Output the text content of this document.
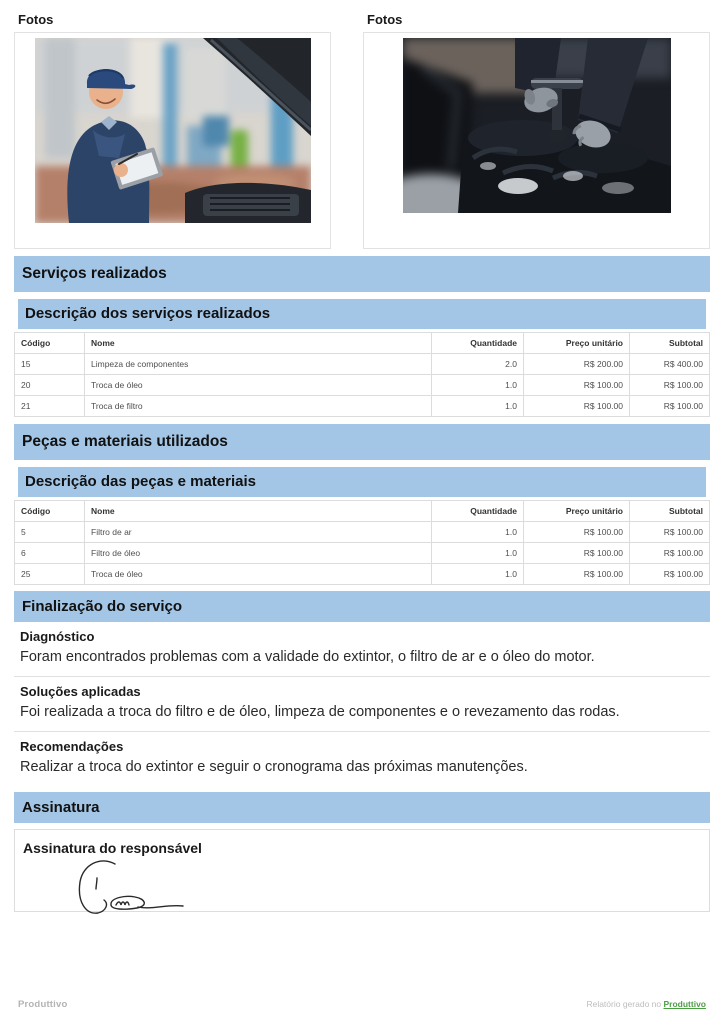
Fotos	Fotos
Serviços realizados
Descrição dos serviços realizados
Código	Nome	Quantidade	Preço unitário	Subtotal
15	Limpeza de componentes	2.0	R$ 200.00	R$ 400.00
20	Troca de óleo	1.0	R$ 100.00	R$ 100.00
21	Troca de filtro	1.0	R$ 100.00	R$ 100.00
Peças e materiais utilizados
Descrição das peças e materiais
Código	Nome	Quantidade	Preço unitário	Subtotal
5	Filtro de ar	1.0	R$ 100.00	R$ 100.00
6	Filtro de óleo	1.0	R$ 100.00	R$ 100.00
25	Troca de óleo	1.0	R$ 100.00	R$ 100.00
Finalização do serviço
Diagnóstico
Foram encontrados problemas com a validade do extintor, o filtro de ar e o óleo do motor.
Soluções aplicadas
Foi realizada a troca do filtro e de óleo, limpeza de componentes e o revezamento das rodas.
Recomendações
Realizar a troca do extintor e seguir o cronograma das próximas manutenções.
Assinatura
Assinatura do responsável
Produttivo	Relatório gerado no Produttivo
